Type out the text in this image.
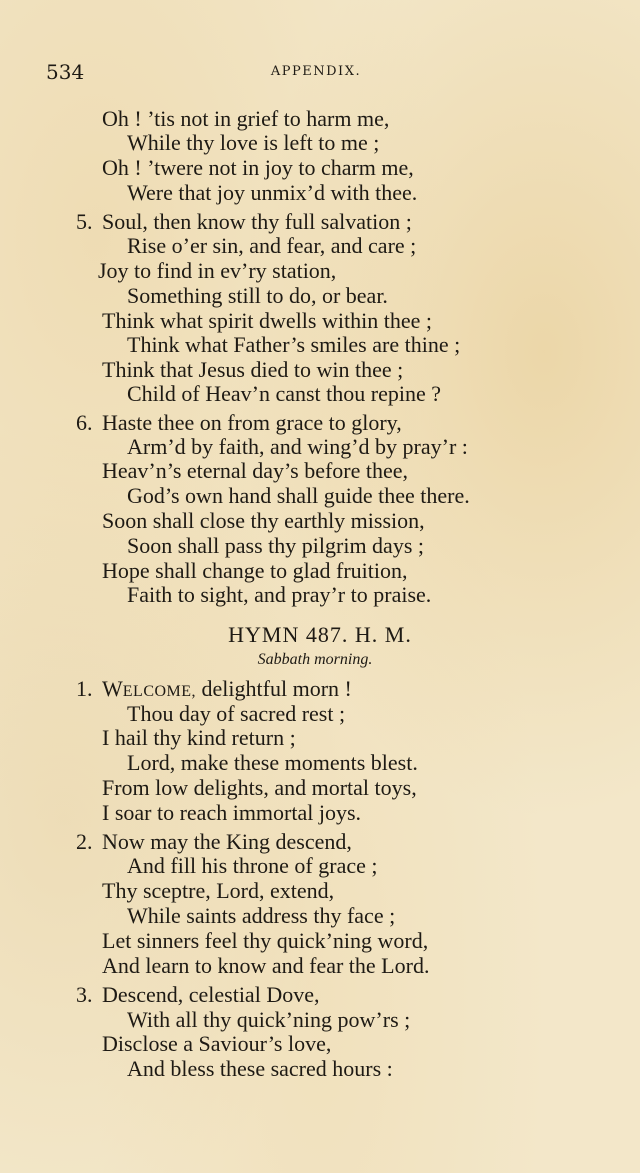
534	APPENDIX.
Oh ! ’tis not in grief to harm me,
While thy love is left to me ;
Oh ! ’twere not in joy to charm me,
Were that joy unmix’d with thee.
5. Soul, then know thy full salvation ;
Rise o’er sin, and fear, and care ;
Joy to find in ev’ry station,
Something still to do, or bear.
Think what spirit dwells within thee ;
Think what Father’s smiles are thine ;
Think that Jesus died to win thee ;
Child of Heav’n canst thou repine ?
6. Haste thee on from grace to glory,
Arm’d by faith, and wing’d by pray’r :
Heav’n’s eternal day’s before thee,
God’s own hand shall guide thee there.
Soon shall close thy earthly mission,
Soon shall pass thy pilgrim days ;
Hope shall change to glad fruition,
Faith to sight, and pray’r to praise.
HYMN 487. H. M.
Sabbath morning.
1. WELCOME, delightful morn !
Thou day of sacred rest ;
I hail thy kind return ;
Lord, make these moments blest.
From low delights, and mortal toys,
I soar to reach immortal joys.
2. Now may the King descend,
And fill his throne of grace ;
Thy sceptre, Lord, extend,
While saints address thy face ;
Let sinners feel thy quick’ning word,
And learn to know and fear the Lord.
3. Descend, celestial Dove,
With all thy quick’ning pow’rs ;
Disclose a Saviour’s love,
And bless these sacred hours :
